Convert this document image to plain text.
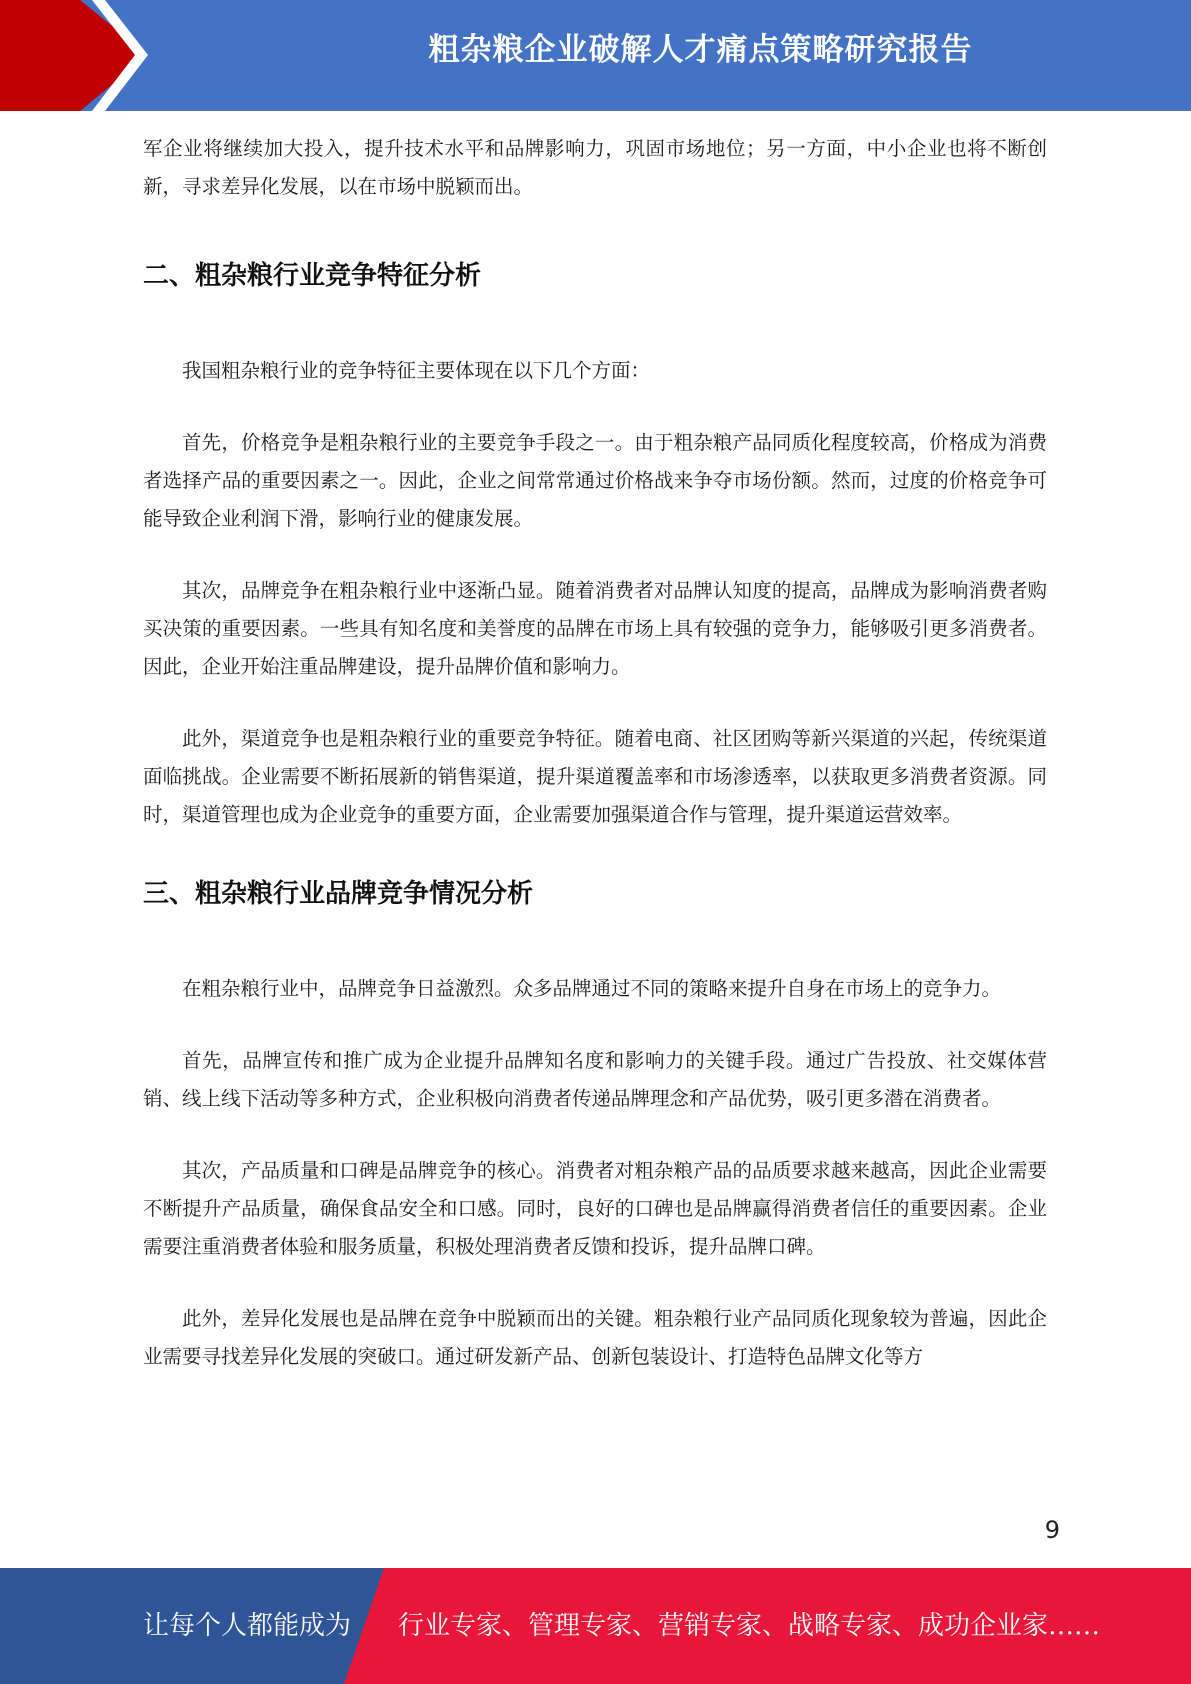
粗杂粮企业破解人才痛点策略研究报告

军企业将继续加大投入，提升技术水平和品牌影响力，巩固市场地位；另一方面，中小企业也将不断创新，寻求差异化发展，以在市场中脱颖而出。

二、粗杂粮行业竞争特征分析

我国粗杂粮行业的竞争特征主要体现在以下几个方面：

首先，价格竞争是粗杂粮行业的主要竞争手段之一。由于粗杂粮产品同质化程度较高，价格成为消费者选择产品的重要因素之一。因此，企业之间常常通过价格战来争夺市场份额。然而，过度的价格竞争可能导致企业利润下滑，影响行业的健康发展。

其次，品牌竞争在粗杂粮行业中逐渐凸显。随着消费者对品牌认知度的提高，品牌成为影响消费者购买决策的重要因素。一些具有知名度和美誉度的品牌在市场上具有较强的竞争力，能够吸引更多消费者。因此，企业开始注重品牌建设，提升品牌价值和影响力。

此外，渠道竞争也是粗杂粮行业的重要竞争特征。随着电商、社区团购等新兴渠道的兴起，传统渠道面临挑战。企业需要不断拓展新的销售渠道，提升渠道覆盖率和市场渗透率，以获取更多消费者资源。同时，渠道管理也成为企业竞争的重要方面，企业需要加强渠道合作与管理，提升渠道运营效率。

三、粗杂粮行业品牌竞争情况分析

在粗杂粮行业中，品牌竞争日益激烈。众多品牌通过不同的策略来提升自身在市场上的竞争力。

首先，品牌宣传和推广成为企业提升品牌知名度和影响力的关键手段。通过广告投放、社交媒体营销、线上线下活动等多种方式，企业积极向消费者传递品牌理念和产品优势，吸引更多潜在消费者。

其次，产品质量和口碑是品牌竞争的核心。消费者对粗杂粮产品的品质要求越来越高，因此企业需要不断提升产品质量，确保食品安全和口感。同时，良好的口碑也是品牌赢得消费者信任的重要因素。企业需要注重消费者体验和服务质量，积极处理消费者反馈和投诉，提升品牌口碑。

此外，差异化发展也是品牌在竞争中脱颖而出的关键。粗杂粮行业产品同质化现象较为普遍，因此企业需要寻找差异化发展的突破口。通过研发新产品、创新包装设计、打造特色品牌文化等方

9
让每个人都能成为 行业专家、管理专家、营销专家、战略专家、成功企业家……
